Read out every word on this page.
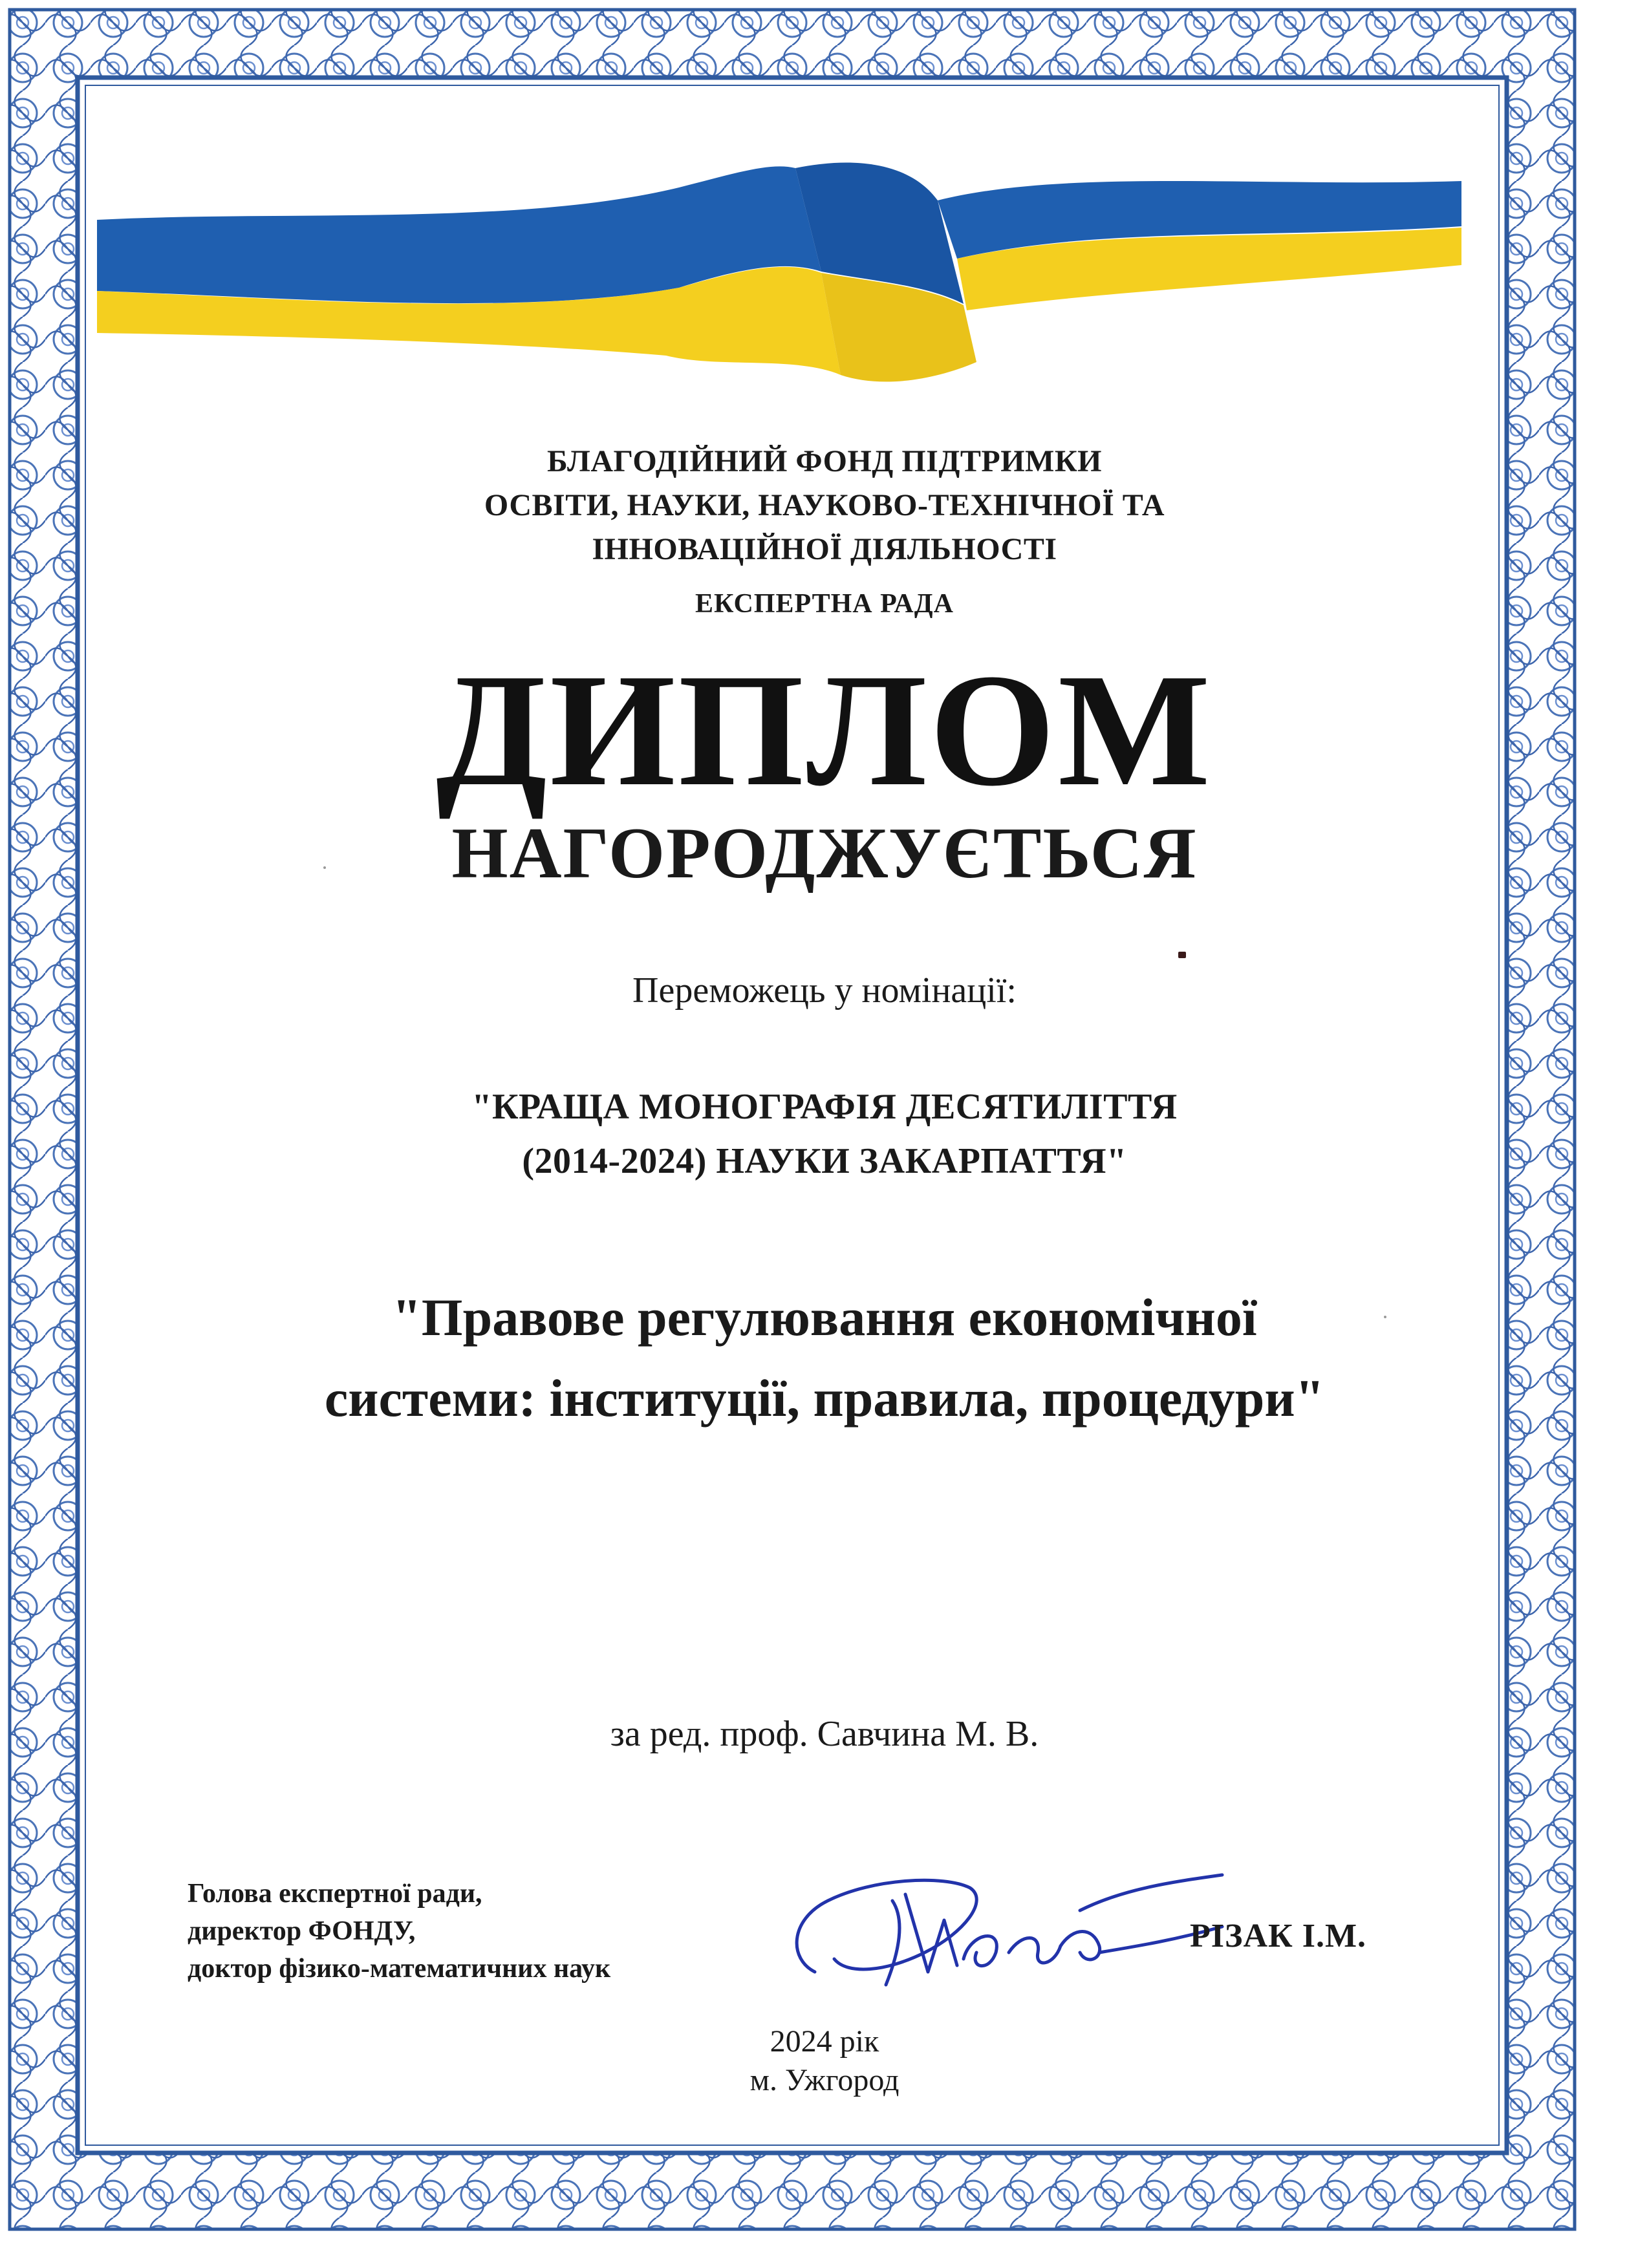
БЛАГОДІЙНИЙ ФОНД ПІДТРИМКИ
ОСВІТИ, НАУКИ, НАУКОВО-ТЕХНІЧНОЇ ТА
ІННОВАЦІЙНОЇ ДІЯЛЬНОСТІ
ЕКСПЕРТНА РАДА
ДИПЛОМ
НАГОРОДЖУЄТЬСЯ
Переможець у номінації:
"КРАЩА МОНОГРАФІЯ ДЕСЯТИЛІТТЯ
(2014-2024) НАУКИ ЗАКАРПАТТЯ"
"Правове регулювання економічної
системи: інституції, правила, процедури"
за ред. проф. Савчина М. В.
Голова експертної ради,
директор ФОНДУ,
доктор фізико-математичних наук
РІЗАК І.М.
2024 рік
м. Ужгород
